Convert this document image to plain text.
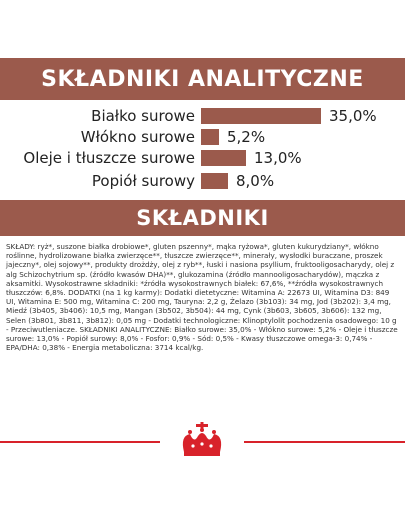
SKŁADNIKI ANALITYCZNE
Białko surowe	35,0%
Włókno surowe 5,2%
Oleje i tłuszcze surowe	13,0%
Popiół surowy	8,0%
SKŁADNIKI

SKŁADY: ryż*, suszone białka drobiowe*, gluten pszenny*, mąka ryżowa*, gluten kukurydziany*, włókno roślinne, hydrolizowane białka zwierzęce**, tłuszcze zwierzęce**, minerały, wysłodki buraczane, proszek jajeczny*, olej sojowy**, produkty drożdży, olej z ryb**, łuski i nasiona psyllium, fruktooligosacharydy, olej z alg Schizochytrium sp. (źródło kwasów DHA)**, glukozamina (źródło mannooligosacharydów), mączka z aksamitki. Wysokostrawne składniki: *źródła wysokostrawnych białek: 67,6%, **źródła wysokostrawnych tłuszczów: 6,8%. DODATKI (na 1 kg karmy): Dodatki dietetyczne: Witamina A: 22673 UI, Witamina D3: 849 UI, Witamina E: 500 mg, Witamina C: 200 mg, Tauryna: 2,2 g, Żelazo (3b103): 34 mg, Jod (3b202): 3,4 mg, Miedź (3b405, 3b406): 10,5 mg, Mangan (3b502, 3b504): 44 mg, Cynk (3b603, 3b605, 3b606): 132 mg, Selen (3b801, 3b811, 3b812): 0,05 mg - Dodatki technologiczne: Klinoptylolit pochodzenia osadowego: 10 g - Przeciwutleniacze. SKŁADNIKI ANALITYCZNE: Białko surowe: 35,0% - Włókno surowe: 5,2% - Oleje i tłuszcze surowe: 13,0% - Popiół surowy: 8,0% - Fosfor: 0,9% - Sód: 0,5% - Kwasy tłuszczowe omega-3: 0,74% - EPA/DHA: 0,38% - Energia metaboliczna: 3714 kcal/kg.
